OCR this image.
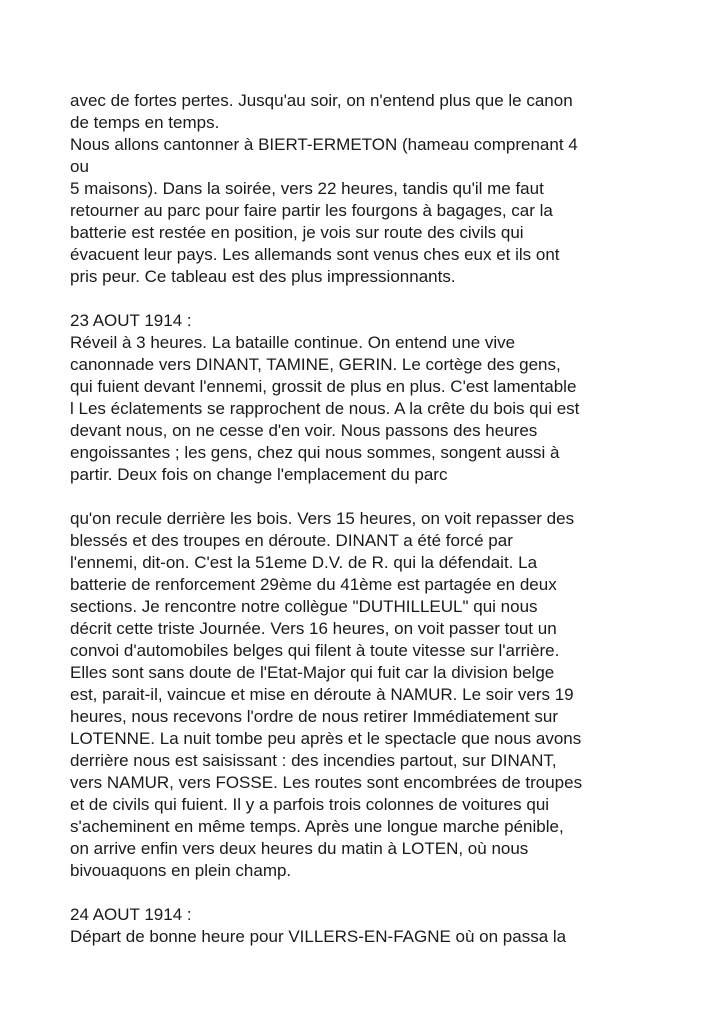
avec de fortes pertes. Jusqu'au soir, on n'entend plus que le canon
de temps en temps.
Nous allons cantonner à BIERT-ERMETON (hameau comprenant 4
ou
5 maisons). Dans la soirée, vers 22 heures, tandis qu'il me faut
retourner au parc pour faire partir les fourgons à bagages, car la
batterie est restée en position, je vois sur route des civils qui
évacuent leur pays. Les allemands sont venus ches eux et ils ont
pris peur. Ce tableau est des plus impressionnants.
23 AOUT 1914 :
Réveil à 3 heures. La bataille continue. On entend une vive
canonnade vers DINANT, TAMINE, GERIN. Le cortège des gens,
qui fuient devant l'ennemi, grossit de plus en plus. C'est lamentable
l Les éclatements se rapprochent de nous. A la crête du bois qui est
devant nous, on ne cesse d'en voir. Nous passons des heures
engoissantes ; les gens, chez qui nous sommes, songent aussi à
partir. Deux fois on change l'emplacement du parc
qu'on recule derrière les bois. Vers 15 heures, on voit repasser des
blessés et des troupes en déroute. DINANT a été forcé par
l'ennemi, dit-on. C'est la 51eme D.V. de R. qui la défendait. La
batterie de renforcement 29ème du 41ème est partagée en deux
sections. Je rencontre notre collègue "DUTHILLEUL" qui nous
décrit cette triste Journée. Vers 16 heures, on voit passer tout un
convoi d'automobiles belges qui filent à toute vitesse sur l'arrière.
Elles sont sans doute de l'Etat-Major qui fuit car la division belge
est, parait-il, vaincue et mise en déroute à NAMUR. Le soir vers 19
heures, nous recevons l'ordre de nous retirer Immédiatement sur
LOTENNE. La nuit tombe peu après et le spectacle que nous avons
derrière nous est saisissant : des incendies partout, sur DINANT,
vers NAMUR, vers FOSSE. Les routes sont encombrées de troupes
et de civils qui fuient. Il y a parfois trois colonnes de voitures qui
s'acheminent en même temps. Après une longue marche pénible,
on arrive enfin vers deux heures du matin à LOTEN, où nous
bivouaquons en plein champ.
24 AOUT 1914 :
Départ de bonne heure pour VILLERS-EN-FAGNE où on passa la
